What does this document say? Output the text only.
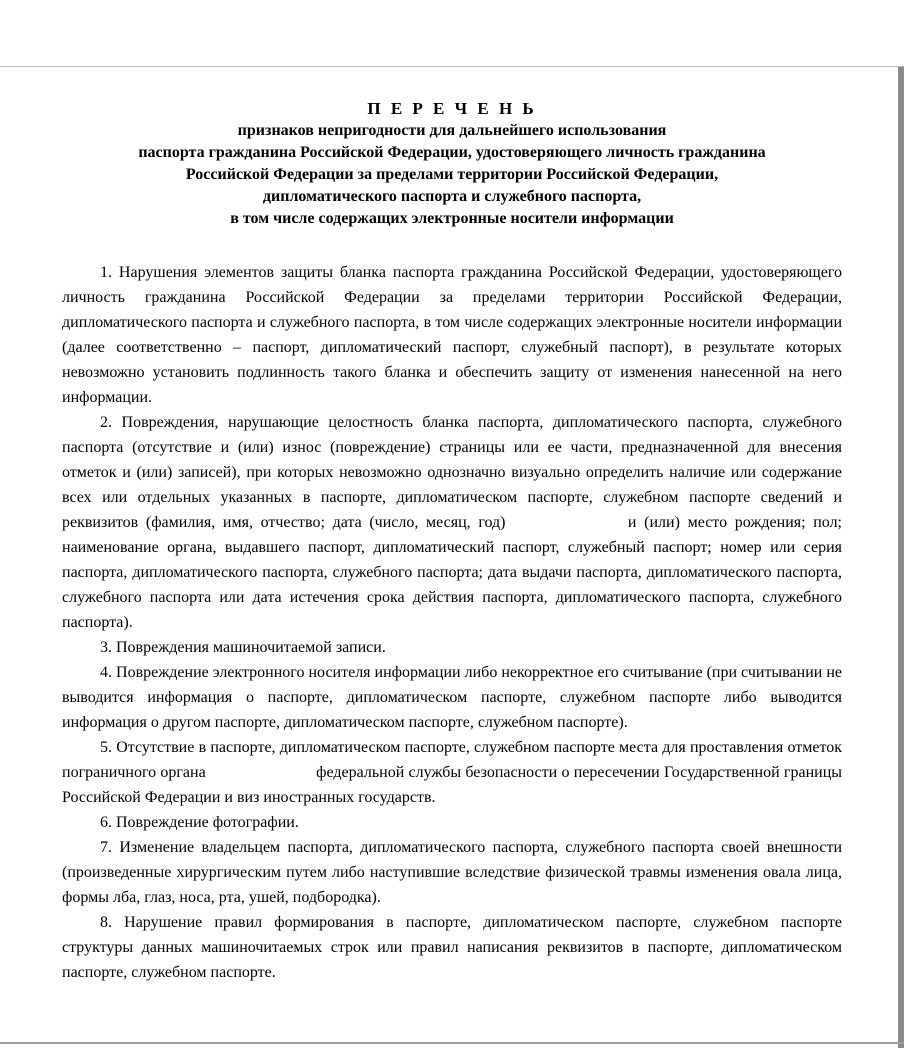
П Е Р Е Ч Е Н Ь
признаков непригодности для дальнейшего использования
паспорта гражданина Российской Федерации, удостоверяющего личность гражданина
Российской Федерации за пределами территории Российской Федерации,
дипломатического паспорта и служебного паспорта,
в том числе содержащих электронные носители информации

1. Нарушения элементов защиты бланка паспорта гражданина Российской Федерации, удостоверяющего личность гражданина Российской Федерации за пределами территории Российской Федерации, дипломатического паспорта и служебного паспорта, в том числе содержащих электронные носители информации (далее соответственно – паспорт, дипломатический паспорт, служебный паспорт), в результате которых невозможно установить подлинность такого бланка и обеспечить защиту от изменения нанесенной на него информации.

2. Повреждения, нарушающие целостность бланка паспорта, дипломатического паспорта, служебного паспорта (отсутствие и (или) износ (повреждение) страницы или ее части, предназначенной для внесения отметок и (или) записей), при которых невозможно однозначно визуально определить наличие или содержание всех или отдельных указанных в паспорте, дипломатическом паспорте, служебном паспорте сведений и реквизитов (фамилия, имя, отчество; дата (число, месяц, год)                и (или) место рождения; пол; наименование органа, выдавшего паспорт, дипломатический паспорт, служебный паспорт; номер или серия паспорта, дипломатического паспорта, служебного паспорта; дата выдачи паспорта, дипломатического паспорта, служебного паспорта или дата истечения срока действия паспорта, дипломатического паспорта, служебного паспорта).

3. Повреждения машиночитаемой записи.

4. Повреждение электронного носителя информации либо некорректное его считывание (при считывании не выводится информация о паспорте, дипломатическом паспорте, служебном паспорте либо выводится информация о другом паспорте, дипломатическом паспорте, служебном паспорте).

5. Отсутствие в паспорте, дипломатическом паспорте, служебном паспорте места для проставления отметок пограничного органа                          федеральной службы безопасности о пересечении Государственной границы Российской Федерации и виз иностранных государств.

6. Повреждение фотографии.

7. Изменение владельцем паспорта, дипломатического паспорта, служебного паспорта своей внешности (произведенные хирургическим путем либо наступившие вследствие физической травмы изменения овала лица, формы лба, глаз, носа, рта, ушей, подбородка).

8. Нарушение правил формирования в паспорте, дипломатическом паспорте, служебном паспорте структуры данных машиночитаемых строк или правил написания реквизитов в паспорте, дипломатическом паспорте, служебном паспорте.
